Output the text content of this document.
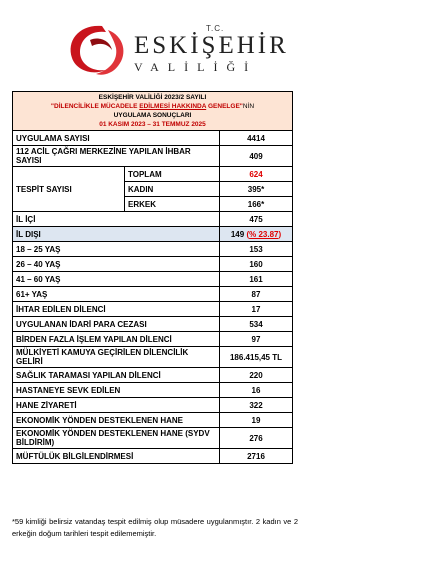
T.C.
ESKİŞEHİR
VALİLİĞİ
ESKİŞEHİR VALİLİĞİ 2023/2 SAYILI
"DİLENCİLİKLE MÜCADELE EDİLMESİ HAKKINDA GENELGE"NİN
UYGULAMA SONUÇLARI
01 KASIM 2023 – 31 TEMMUZ 2025		

UYGULAMA SAYISI		4414
112 ACİL ÇAĞRI MERKEZİNE YAPILAN İHBAR SAYISI		409
TESPİT SAYISI	TOPLAM	624
	KADIN	395*
	ERKEK	166*
İL İÇİ		475
İL DIŞI		149 (% 23.87)
18 – 25 YAŞ		153
26 – 40 YAŞ		160
41 – 60 YAŞ		161
61+ YAŞ		87
İHTAR EDİLEN DİLENCİ		17
UYGULANAN İDARİ PARA CEZASI		534
BİRDEN FAZLA İŞLEM YAPILAN DİLENCİ		97
MÜLKİYETİ KAMUYA GEÇİRİLEN DİLENCİLİK GELİRİ		186.415,45 TL
SAĞLIK TARAMASI YAPILAN DİLENCİ		220
HASTANEYE SEVK EDİLEN		16
HANE ZİYARETİ		322
EKONOMİK YÖNDEN DESTEKLENEN HANE		19
EKONOMİK YÖNDEN DESTEKLENEN HANE (SYDV BİLDİRİM)		276
MÜFTÜLÜK BİLGİLENDİRMESİ		2716
*59 kimliği belirsiz vatandaş tespit edilmiş olup müsadere uygulanmıştır. 2 kadın ve 2 erkeğin doğum tarihleri tespit edilememiştir.
